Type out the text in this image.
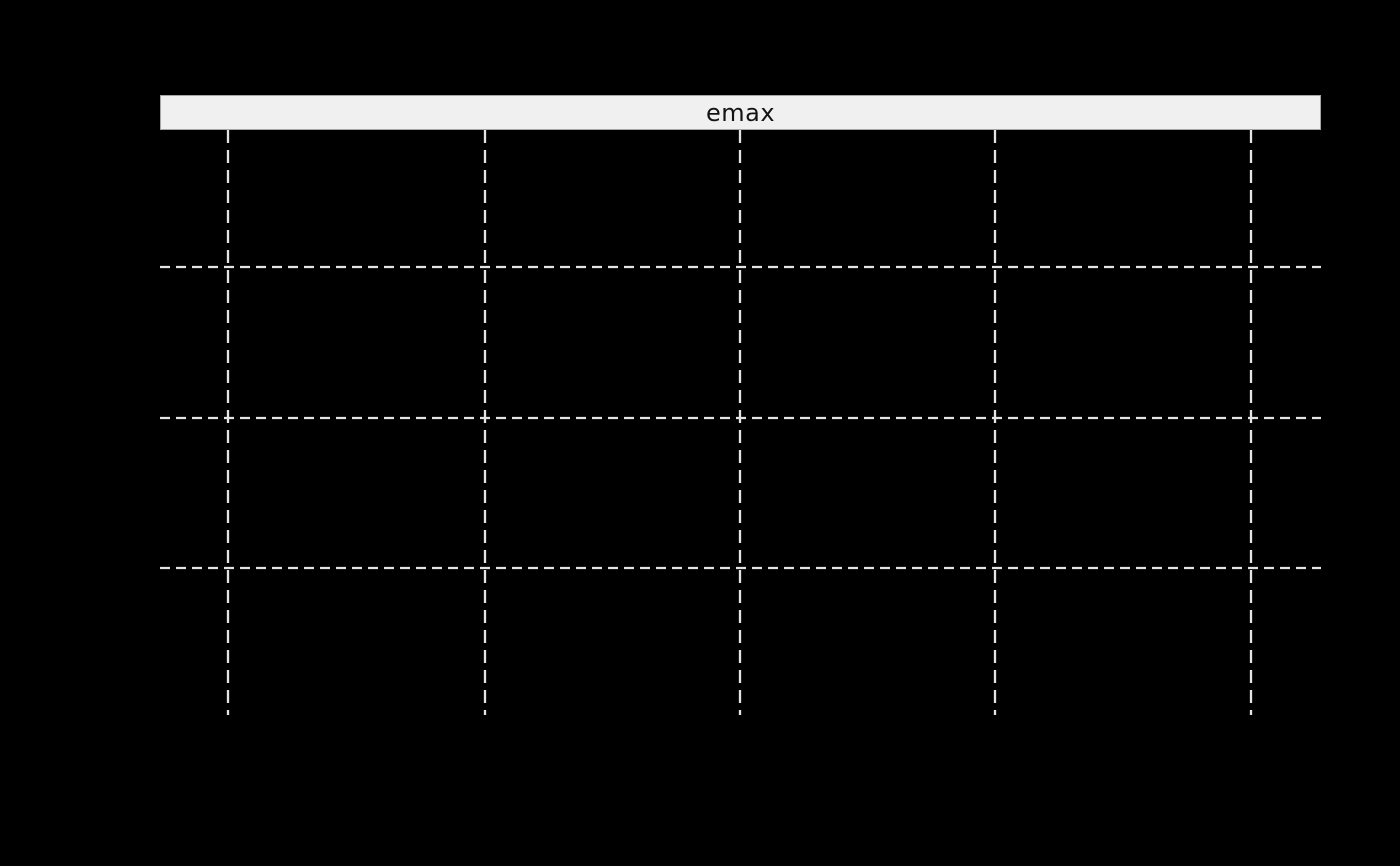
emax
